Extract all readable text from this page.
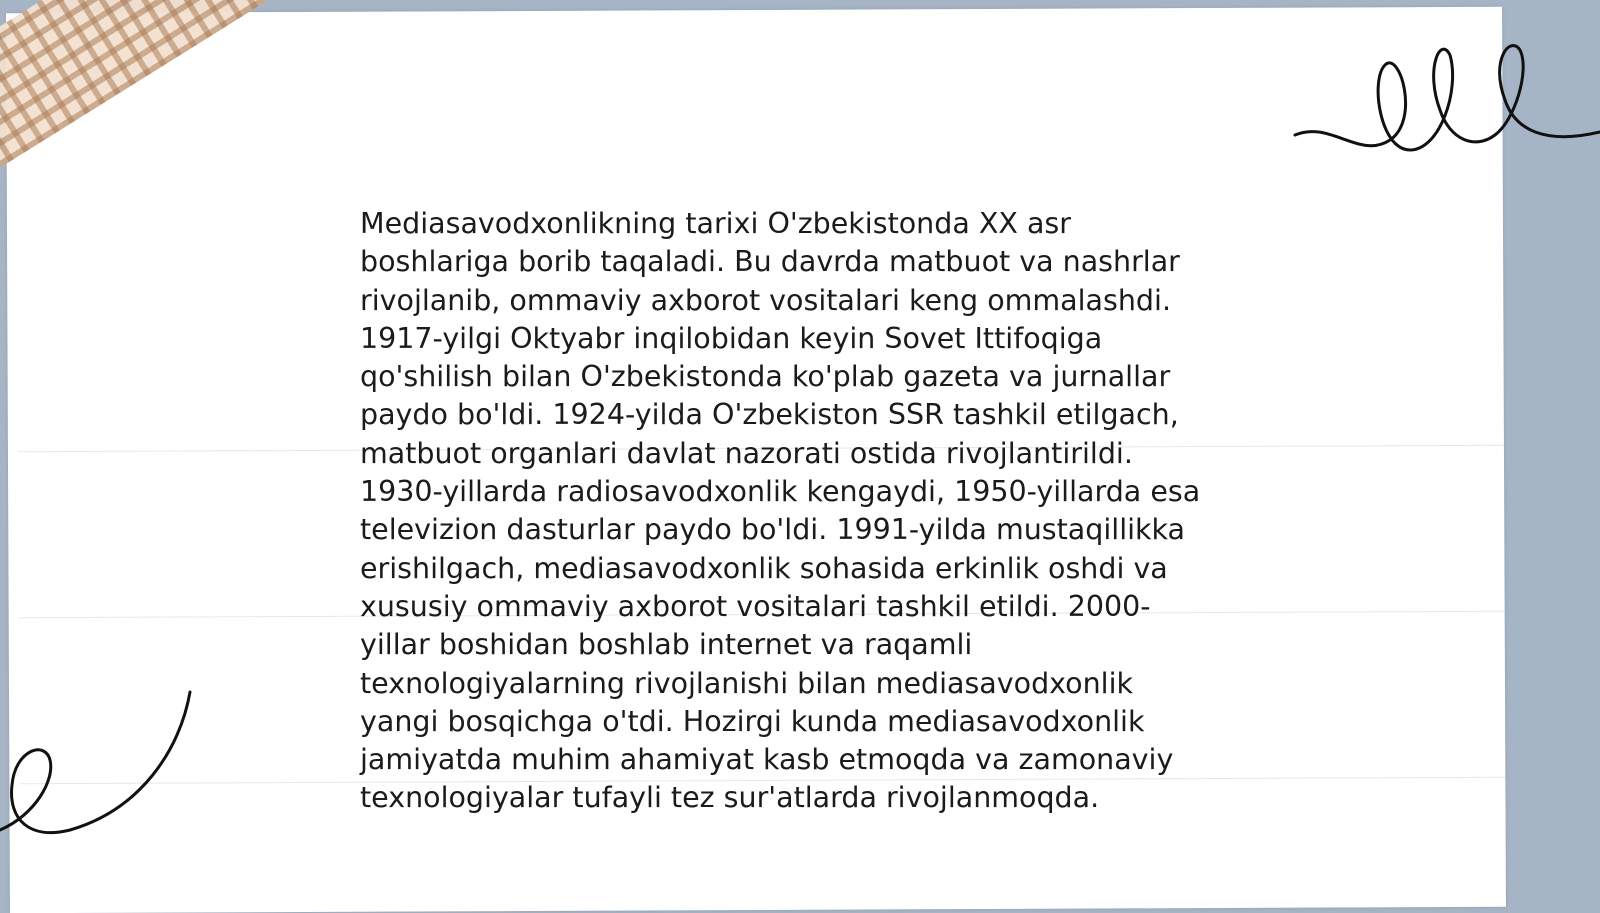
Mediasavodxonlikning tarixi O'zbekistonda XX asr
boshlariga borib taqaladi. Bu davrda matbuot va nashrlar
rivojlanib, ommaviy axborot vositalari keng ommalashdi.
1917-yilgi Oktyabr inqilobidan keyin Sovet Ittifoqiga
qo'shilish bilan O'zbekistonda ko'plab gazeta va jurnallar
paydo bo'ldi. 1924-yilda O'zbekiston SSR tashkil etilgach,
matbuot organlari davlat nazorati ostida rivojlantirildi.
1930-yillarda radiosavodxonlik kengaydi, 1950-yillarda esa
televizion dasturlar paydo bo'ldi. 1991-yilda mustaqillikka
erishilgach, mediasavodxonlik sohasida erkinlik oshdi va
xususiy ommaviy axborot vositalari tashkil etildi. 2000-
yillar boshidan boshlab internet va raqamli
texnologiyalarning rivojlanishi bilan mediasavodxonlik
yangi bosqichga o'tdi. Hozirgi kunda mediasavodxonlik
jamiyatda muhim ahamiyat kasb etmoqda va zamonaviy
texnologiyalar tufayli tez sur'atlarda rivojlanmoqda.
